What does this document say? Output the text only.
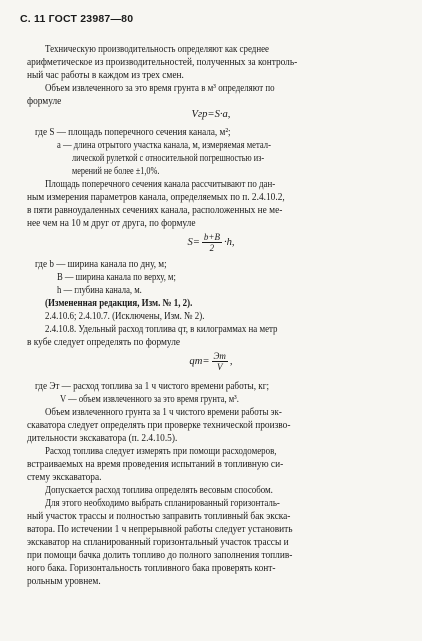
С. 11 ГОСТ 23987—80
Техническую производительность определяют как среднее
арифметическое из производительностей, полученных за контроль-
ный час работы в каждом из трех смен.
Объем извлеченного за это время грунта в м³ определяют по
формуле
Vгр=S·a,
где S — площадь поперечного сечения канала, м²;
a — длина отрытого участка канала, м, измеряемая метал-
лической рулеткой с относительной погрешностью из-
мерений не более ±1,0%.
Площадь поперечного сечения канала рассчитывают по дан-
ным измерения параметров канала, определяемых по п. 2.4.10.2,
в пяти равноудаленных сечениях канала, расположенных не ме-
нее чем на 10 м друг от друга, по формуле
$S= \frac{b+B}{2} \cdot h$,
где b — ширина канала по дну, м;
B — ширина канала по верху, м;
h — глубина канала, м.
(Измененная редакция, Изм. № 1, 2).
2.4.10.6; 2.4.10.7. (Исключены, Изм. № 2).
2.4.10.8. Удельный расход топлива qт, в килограммах на метр
в кубе следует определять по формуле
$qт= \frac{Эт}{V}$ ,
где Эт — расход топлива за 1 ч чистого времени работы, кг;
V — объем извлеченного за это время грунта, м³.
Объем извлеченного грунта за 1 ч чистого времени работы эк-
скаватора следует определять при проверке технической произво-
дительности экскаватора (п. 2.4.10.5).
Расход топлива следует измерять при помощи расходомеров,
встраиваемых на время проведения испытаний в топливную си-
стему экскаватора.
Допускается расход топлива определять весовым способом.
Для этого необходимо выбрать спланированный горизонталь-
ный участок трассы и полностью заправить топливный бак экска-
ватора. По истечении 1 ч непрерывной работы следует установить
экскаватор на спланированный горизонтальный участок трассы и
при помощи бачка долить топливо до полного заполнения топлив-
ного бака. Горизонтальность топливного бака проверять конт-
рольным уровнем.
